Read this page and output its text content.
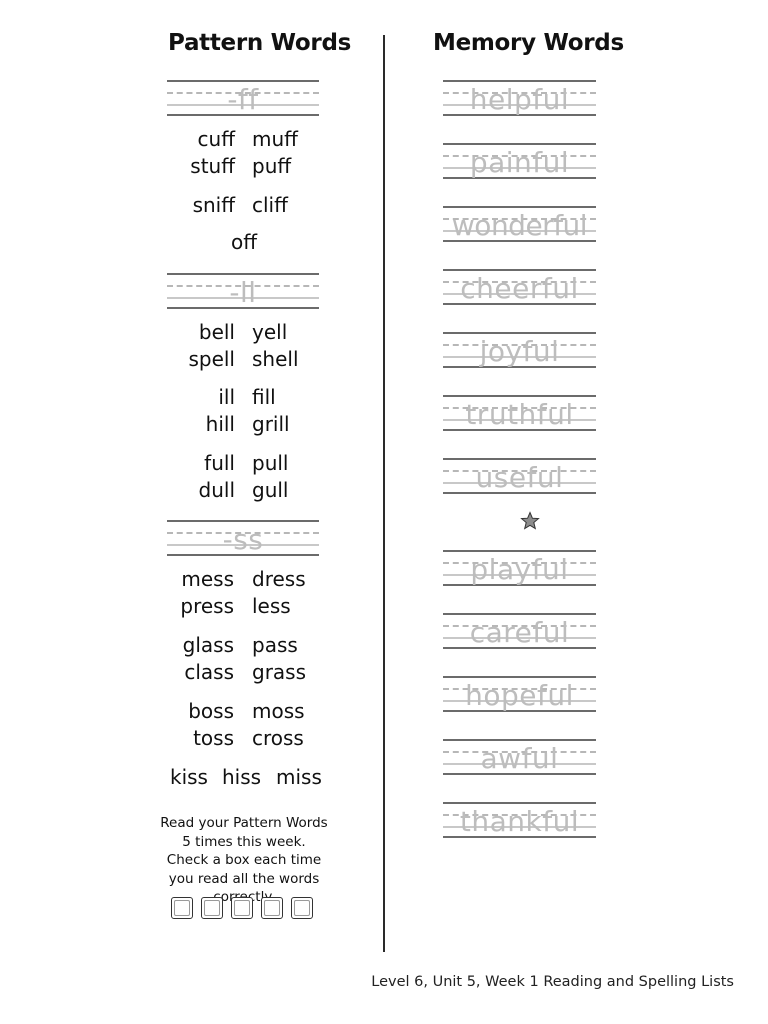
Pattern Words	Memory Words
-ff
cuff muff
stuff puff
sniff cliff
off
-ll
bell yell
spell shell
ill fill
hill grill
full pull
dull gull
-ss
mess dress
press less
glass pass
class grass
boss moss
toss cross
kiss hiss miss
Read your Pattern Words 5 times this week. Check a box each time you read all the words
helpful
painful
wonderful
cheerful
joyful
truthful
useful
playful
careful
hopeful
awful
thankful
Level 6, Unit 5, Week 1 Reading and Spelling Lists
